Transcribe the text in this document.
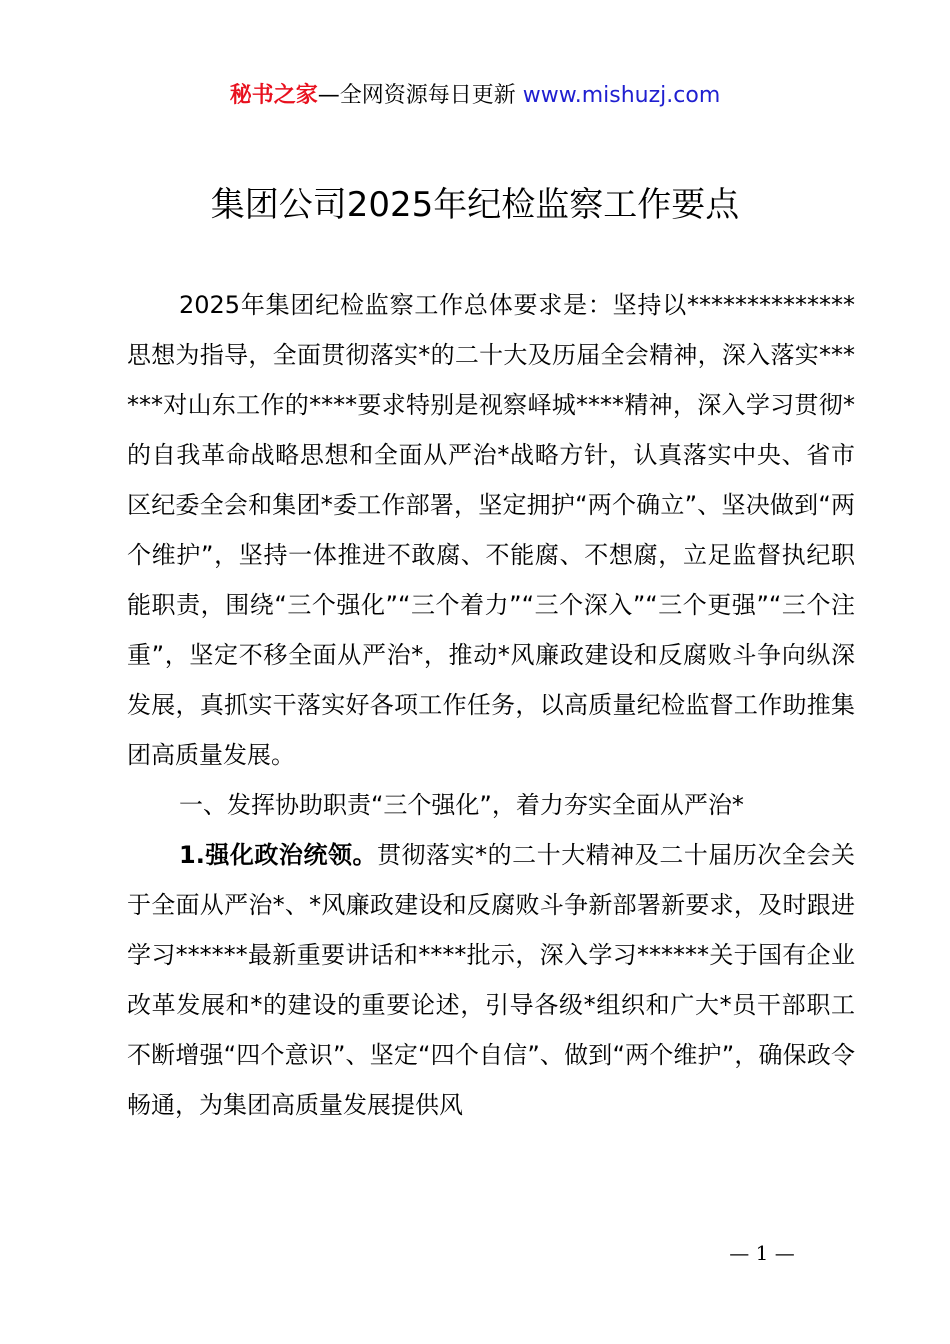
秘书之家—全网资源每日更新 www.mishuzj.com
集团公司2025年纪检监察工作要点

2025年集团纪检监察工作总体要求是：坚持以**************思想为指导，全面贯彻落实*的二十大及历届全会精神，深入落实******对山东工作的****要求特别是视察峄城****精神，深入学习贯彻*的自我革命战略思想和全面从严治*战略方针，认真落实中央、省市区纪委全会和集团*委工作部署，坚定拥护“两个确立”、坚决做到“两个维护”，坚持一体推进不敢腐、不能腐、不想腐，立足监督执纪职能职责，围绕“三个强化”“三个着力”“三个深入”“三个更强”“三个注重”，坚定不移全面从严治*，推动*风廉政建设和反腐败斗争向纵深发展，真抓实干落实好各项工作任务，以高质量纪检监督工作助推集团高质量发展。

一、发挥协助职责“三个强化”，着力夯实全面从严治*

1.强化政治统领。贯彻落实*的二十大精神及二十届历次全会关于全面从严治*、*风廉政建设和反腐败斗争新部署新要求，及时跟进学习******最新重要讲话和****批示，深入学习******关于国有企业改革发展和*的建设的重要论述，引导各级*组织和广大*员干部职工不断增强“四个意识”、坚定“四个自信”、做到“两个维护”，确保政令畅通，为集团高质量发展提供风

— 1 —
